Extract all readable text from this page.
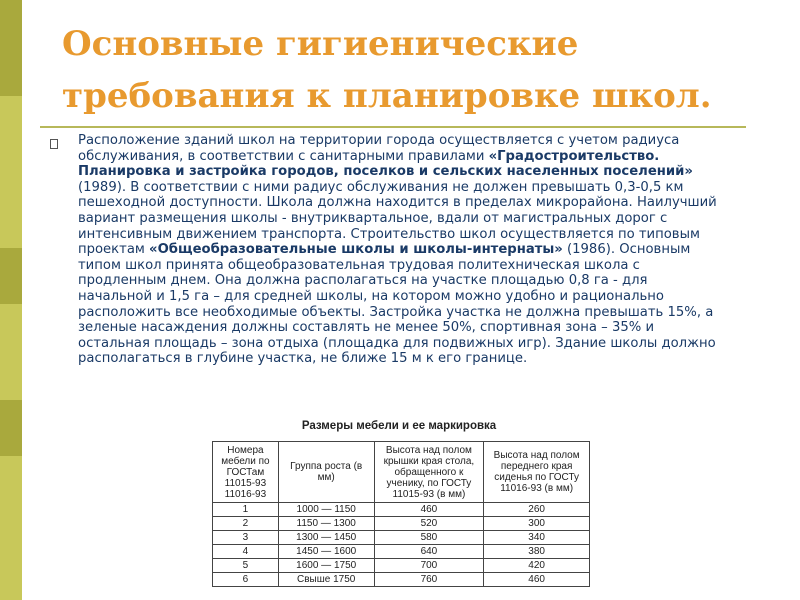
Основные гигиенические требования к планировке школ.

Расположение зданий школ на территории города осуществляется с учетом радиуса обслуживания, в соответствии с санитарными правилами «Градостроительство. Планировка и застройка городов, поселков и сельских населенных поселений» (1989). В соответствии с ними радиус обслуживания не должен превышать 0,3-0,5 км пешеходной доступности. Школа должна находится в пределах микрорайона. Наилучший вариант размещения школы - внутриквартальное, вдали от магистральных дорог с интенсивным движением транспорта. Строительство школ осуществляется по типовым проектам «Общеобразовательные школы и школы-интернаты» (1986). Основным типом школ принята общеобразовательная трудовая политехническая школа с продленным днем. Она должна располагаться на участке площадью 0,8 га - для начальной и 1,5 га – для средней школы, на котором можно удобно и рационально расположить все необходимые объекты. Застройка участка не должна превышать 15%, а зеленые насаждения должны составлять не менее 50%, спортивная зона – 35% и остальная площадь – зона отдыха (площадка для подвижных игр). Здание школы должно располагаться в глубине участка, не ближе 15 м к его границе.

Размеры мебели и ее маркировка
Номера мебели по ГОСТам 11015-93 11016-93	Группа роста (в мм)	Высота над полом крышки края стола, обращенного к ученику, по ГОСТу 11015-93 (в мм)	Высота над полом переднего края сиденья по ГОСТу 11016-93 (в мм)
1	1000 — 1150	460	260
2	1150 — 1300	520	300
3	1300 — 1450	580	340
4	1450 — 1600	640	380
5	1600 — 1750	700	420
6	Свыше 1750	760	460
